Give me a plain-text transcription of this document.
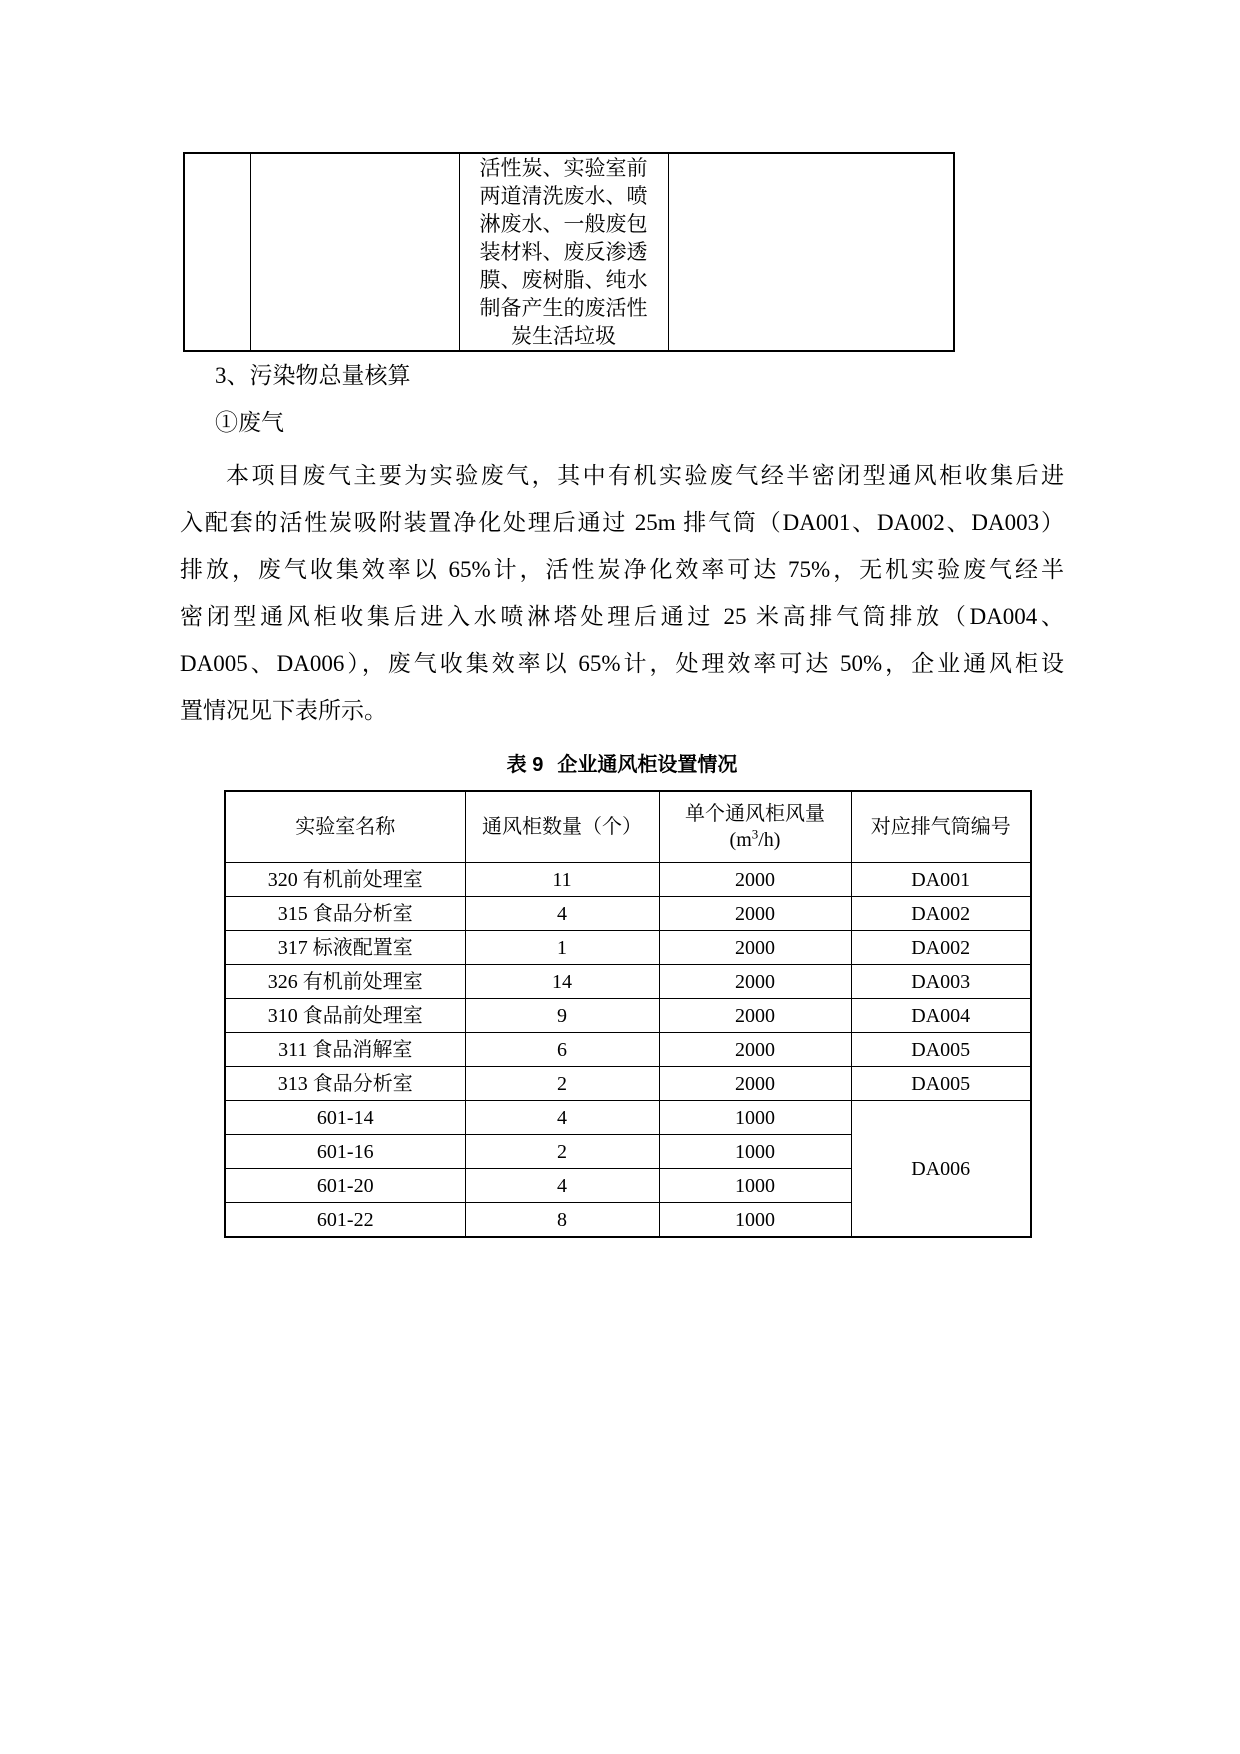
活性炭、实验室前
两道清洗废水、喷
淋废水、一般废包
装材料、废反渗透
膜、废树脂、纯水
制备产生的废活性
炭生活垃圾

3、污染物总量核算
①废气
本项目废气主要为实验废气，其中有机实验废气经半密闭型通风柜收集后进
入配套的活性炭吸附装置净化处理后通过 25m 排气筒（DA001、DA002、DA003）
排放，废气收集效率以 65%计，活性炭净化效率可达 75%，无机实验废气经半
密闭型通风柜收集后进入水喷淋塔处理后通过 25 米高排气筒排放（DA004、
DA005、DA006），废气收集效率以 65%计，处理效率可达 50%，企业通风柜设
置情况见下表所示。
表 9 企业通风柜设置情况
实验室名称	通风柜数量（个）	单个通风柜风量
$(m^3/h)$	对应排气筒编号
320 有机前处理室	11	2000	DA001
315 食品分析室	4	2000	DA002
317 标液配置室	1	2000	DA002
326 有机前处理室	14	2000	DA003
310 食品前处理室	9	2000	DA004
311 食品消解室	6	2000	DA005
313 食品分析室	2	2000	DA005
601-14	4	1000	DA006
601-16	2	1000	
601-20	4	1000	
601-22	8	1000	
